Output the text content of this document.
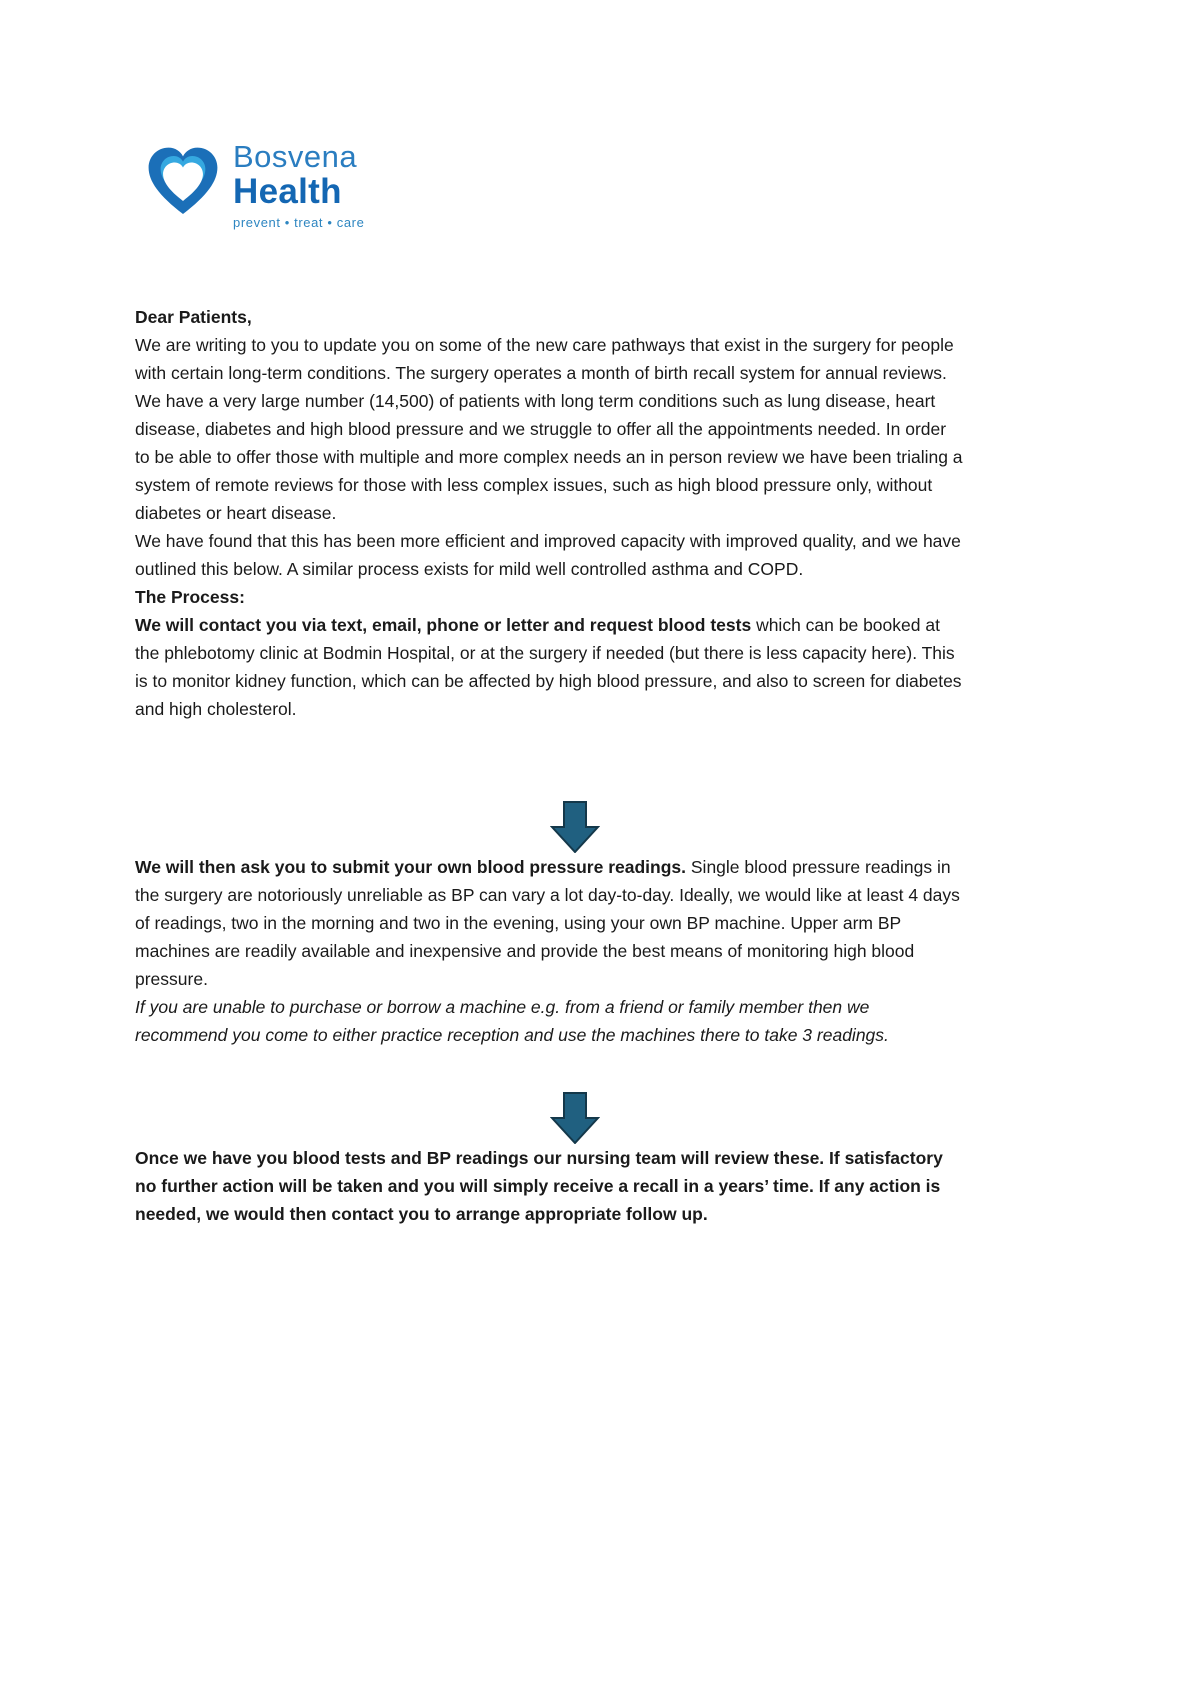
Bosvena
Health
prevent • treat • care
Dear Patients,

We are writing to you to update you on some of the new care pathways that exist in the surgery for people with certain long-term conditions. The surgery operates a month of birth recall system for annual reviews. We have a very large number (14,500) of patients with long term conditions such as lung disease, heart disease, diabetes and high blood pressure and we struggle to offer all the appointments needed. In order to be able to offer those with multiple and more complex needs an in person review we have been trialing a system of remote reviews for those with less complex issues, such as high blood pressure only, without diabetes or heart disease.

We have found that this has been more efficient and improved capacity with improved quality, and we have outlined this below. A similar process exists for mild well controlled asthma and COPD.

The Process:

We will contact you via text, email, phone or letter and request blood tests which can be booked at the phlebotomy clinic at Bodmin Hospital, or at the surgery if needed (but there is less capacity here). This is to monitor kidney function, which can be affected by high blood pressure, and also to screen for diabetes and high cholesterol.

We will then ask you to submit your own blood pressure readings. Single blood pressure readings in the surgery are notoriously unreliable as BP can vary a lot day-to-day. Ideally, we would like at least 4 days of readings, two in the morning and two in the evening, using your own BP machine. Upper arm BP machines are readily available and inexpensive and provide the best means of monitoring high blood pressure.

If you are unable to purchase or borrow a machine e.g. from a friend or family member then we recommend you come to either practice reception and use the machines there to take 3 readings.

Once we have you blood tests and BP readings our nursing team will review these. If satisfactory no further action will be taken and you will simply receive a recall in a years’ time. If any action is needed, we would then contact you to arrange appropriate follow up.
